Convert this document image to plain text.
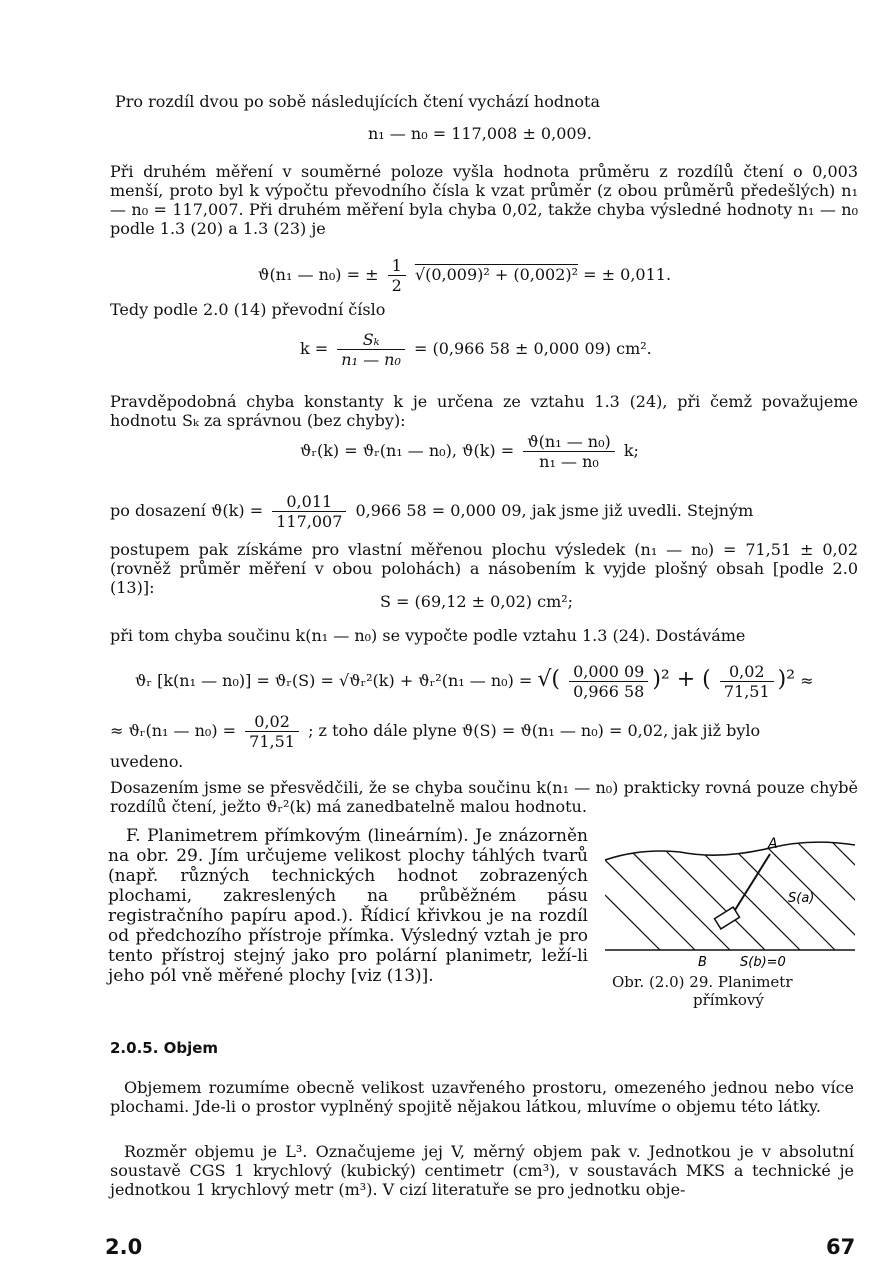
Pro rozdíl dvou po sobě následujících čtení vychází hodnota
n₁ — n₀ = 117,008 ± 0,009.
Při druhém měření v souměrné poloze vyšla hodnota průměru z rozdílů čtení o 0,003 menší, proto byl k výpočtu převodního čísla k vzat průměr (z obou průměrů předešlých) n₁ — n₀ = 117,007. Při druhém měření byla chyba 0,02, takže chyba výsledné hodnoty n₁ — n₀ podle 1.3 (20) a 1.3 (23) je
ϑ(n₁ — n₀) = ± $\frac{1}{2} √(0,009)^2 + (0,002)^2$ = ± 0,011.
Tedy podle 2.0 (14) převodní číslo
$k = \frac{\text{Sₖ}}{\text{n₁ — n₀}} = (0,966$ 58 ± 0,000 09) cm².
Pravděpodobná chyba konstanty k je určena ze vztahu 1.3 (24), při čemž považujeme hodnotu Sₖ za správnou (bez chyby):
ϑᵣ(k) = ϑᵣ(n₁ — n₀), $ϑ(k) = \frac{\text{ϑ(n₁ — n₀)}}{\text{n₁ — n₀}} k$;
po dosazení $ϑ(k) = \frac{0,011}{117,007} 0,966$ 58 = 0,000 09, jak jsme již uvedli. Stejným
postupem pak získáme pro vlastní měřenou plochu výsledek (n₁ — n₀) = 71,51 ± 0,02 (rovněž průměr měření v obou polohách) a násobením k vyjde plošný obsah [podle 2.0 (13)]:
S = (69,12 ± 0,02) cm²;
při tom chyba součinu k(n₁ — n₀) se vypočte podle vztahu 1.3 (24). Dostáváme
ϑᵣ [k(n₁ — n₀)] = ϑᵣ(S) = √ϑᵣ²(k) + ϑᵣ²(n₁ — n₀) = √( $\frac{0,000 09}{0,966 58} )^2$ + ( $\frac{0,02}{71,51} )^2$ ≈
≈ ϑᵣ(n₁ — $n_0) = \frac{0,02}{71,51}$ ; z toho dále plyne ϑ(S) = ϑ(n₁ — n₀) = 0,02, jak již bylo
uvedeno.
Dosazením jsme se přesvědčili, že se chyba součinu k(n₁ — n₀) prakticky rovná pouze chybě rozdílů čtení, ježto ϑᵣ²(k) má zanedbatelně malou hodnotu.
F. Planimetrem přímkovým (lineárním). Je znázorněn na obr. 29. Jím určujeme velikost plochy táhlých tvarů (např. různých technických hodnot zobrazených plochami, zakreslených na průběžném pásu registračního papíru apod.). Řídicí křivkou je na rozdíl od předchozího přístroje přímka. Výsledný vztah je pro tento přístroj stejný jako pro polární planimetr, leží-li jeho pól vně měřené plochy [viz (13)].
A
S(a)
B	S(b)=0
Obr. (2.0) 29. Planimetr
přímkový
2.0.5. Objem
Objemem rozumíme obecně velikost uzavřeného prostoru, omezeného jednou nebo více plochami. Jde-li o prostor vyplněný spojitě nějakou látkou, mluvíme o objemu této látky.
Rozměr objemu je L³. Označujeme jej V, měrný objem pak v. Jednotkou je v absolutní soustavě CGS 1 krychlový (kubický) centimetr (cm³), v soustavách MKS a technické je jednotkou 1 krychlový metr (m³). V cizí literatuře se pro jednotku obje-
2.0	67
